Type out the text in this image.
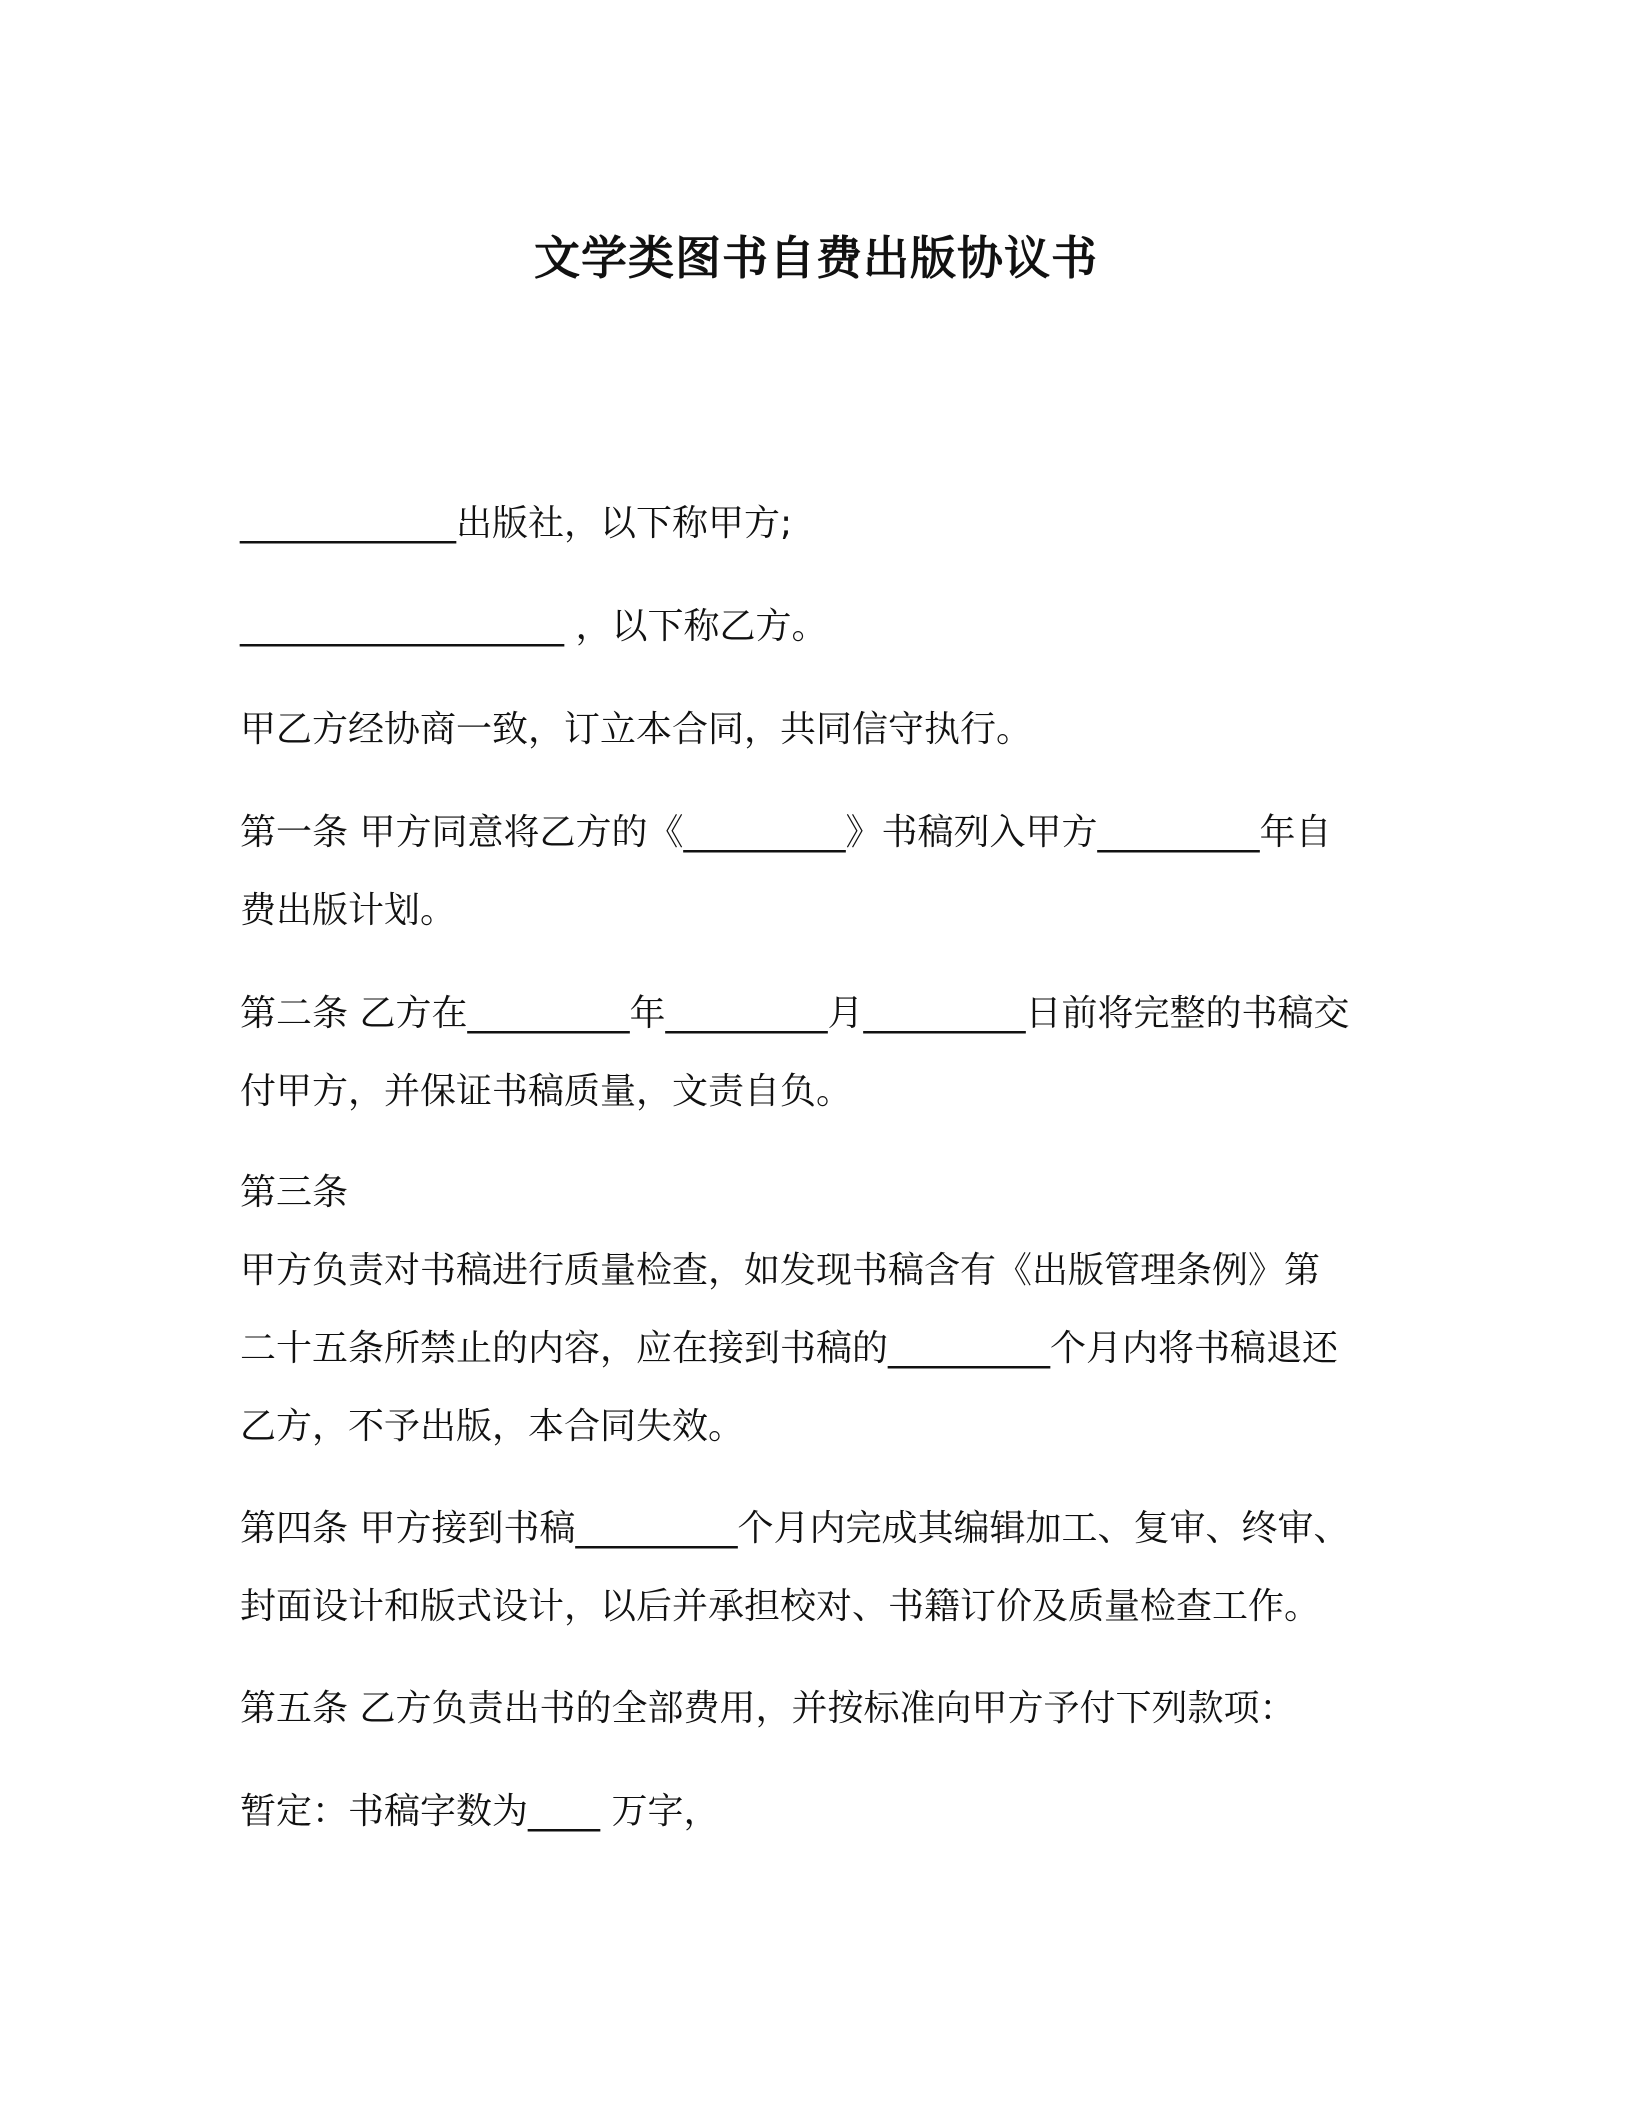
文学类图书自费出版协议书
____________出版社，以下称甲方;
__________________ ，以下称乙方。
甲乙方经协商一致，订立本合同，共同信守执行。
第一条 甲方同意将乙方的《_________》书稿列入甲方_________年自
费出版计划。
第二条 乙方在_________年_________月_________日前将完整的书稿交
付甲方，并保证书稿质量，文责自负。
第三条
甲方负责对书稿进行质量检查，如发现书稿含有《出版管理条例》第
二十五条所禁止的内容，应在接到书稿的_________个月内将书稿退还
乙方，不予出版，本合同失效。
第四条 甲方接到书稿_________个月内完成其编辑加工、复审、终审、
封面设计和版式设计，以后并承担校对、书籍订价及质量检查工作。
第五条 乙方负责出书的全部费用，并按标准向甲方予付下列款项：
暂定：书稿字数为____ 万字，
